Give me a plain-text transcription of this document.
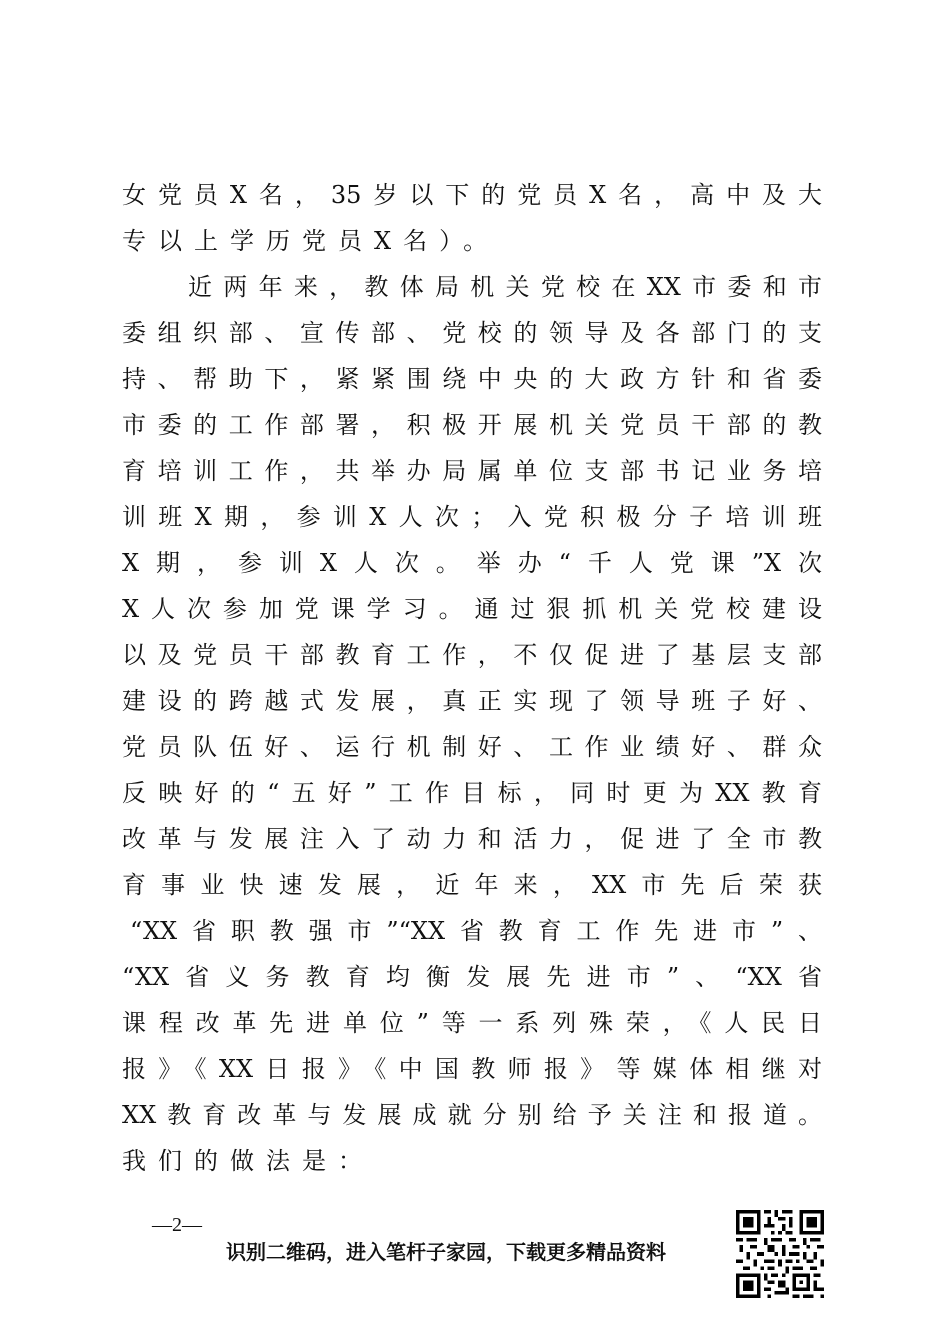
女党员X名，35岁以下的党员X名，高中及大
专以上学历党员X名）。
近两年来，教体局机关党校在XX市委和市
委组织部、宣传部、党校的领导及各部门的支
持、帮助下，紧紧围绕中央的大政方针和省委
市委的工作部署，积极开展机关党员干部的教
育培训工作，共举办局属单位支部书记业务培
训班X期，参训X人次；入党积极分子培训班
X期，参训X人次。举办“千人党课”X次
X人次参加党课学习。通过狠抓机关党校建设
以及党员干部教育工作，不仅促进了基层支部
建设的跨越式发展，真正实现了领导班子好、
党员队伍好、运行机制好、工作业绩好、群众
反映好的“五好”工作目标，同时更为XX教育
改革与发展注入了动力和活力，促进了全市教
育事业快速发展，近年来，XX市先后荣获
“XX省职教强市”“XX省教育工作先进市”、
“XX省义务教育均衡发展先进市”、“XX省
课程改革先进单位”等一系列殊荣，《人民日
报》《XX日报》《中国教师报》等媒体相继对
XX教育改革与发展成就分别给予关注和报道。
我们的做法是：
—2—
识别二维码，进入笔杆子家园，下载更多精品资料
